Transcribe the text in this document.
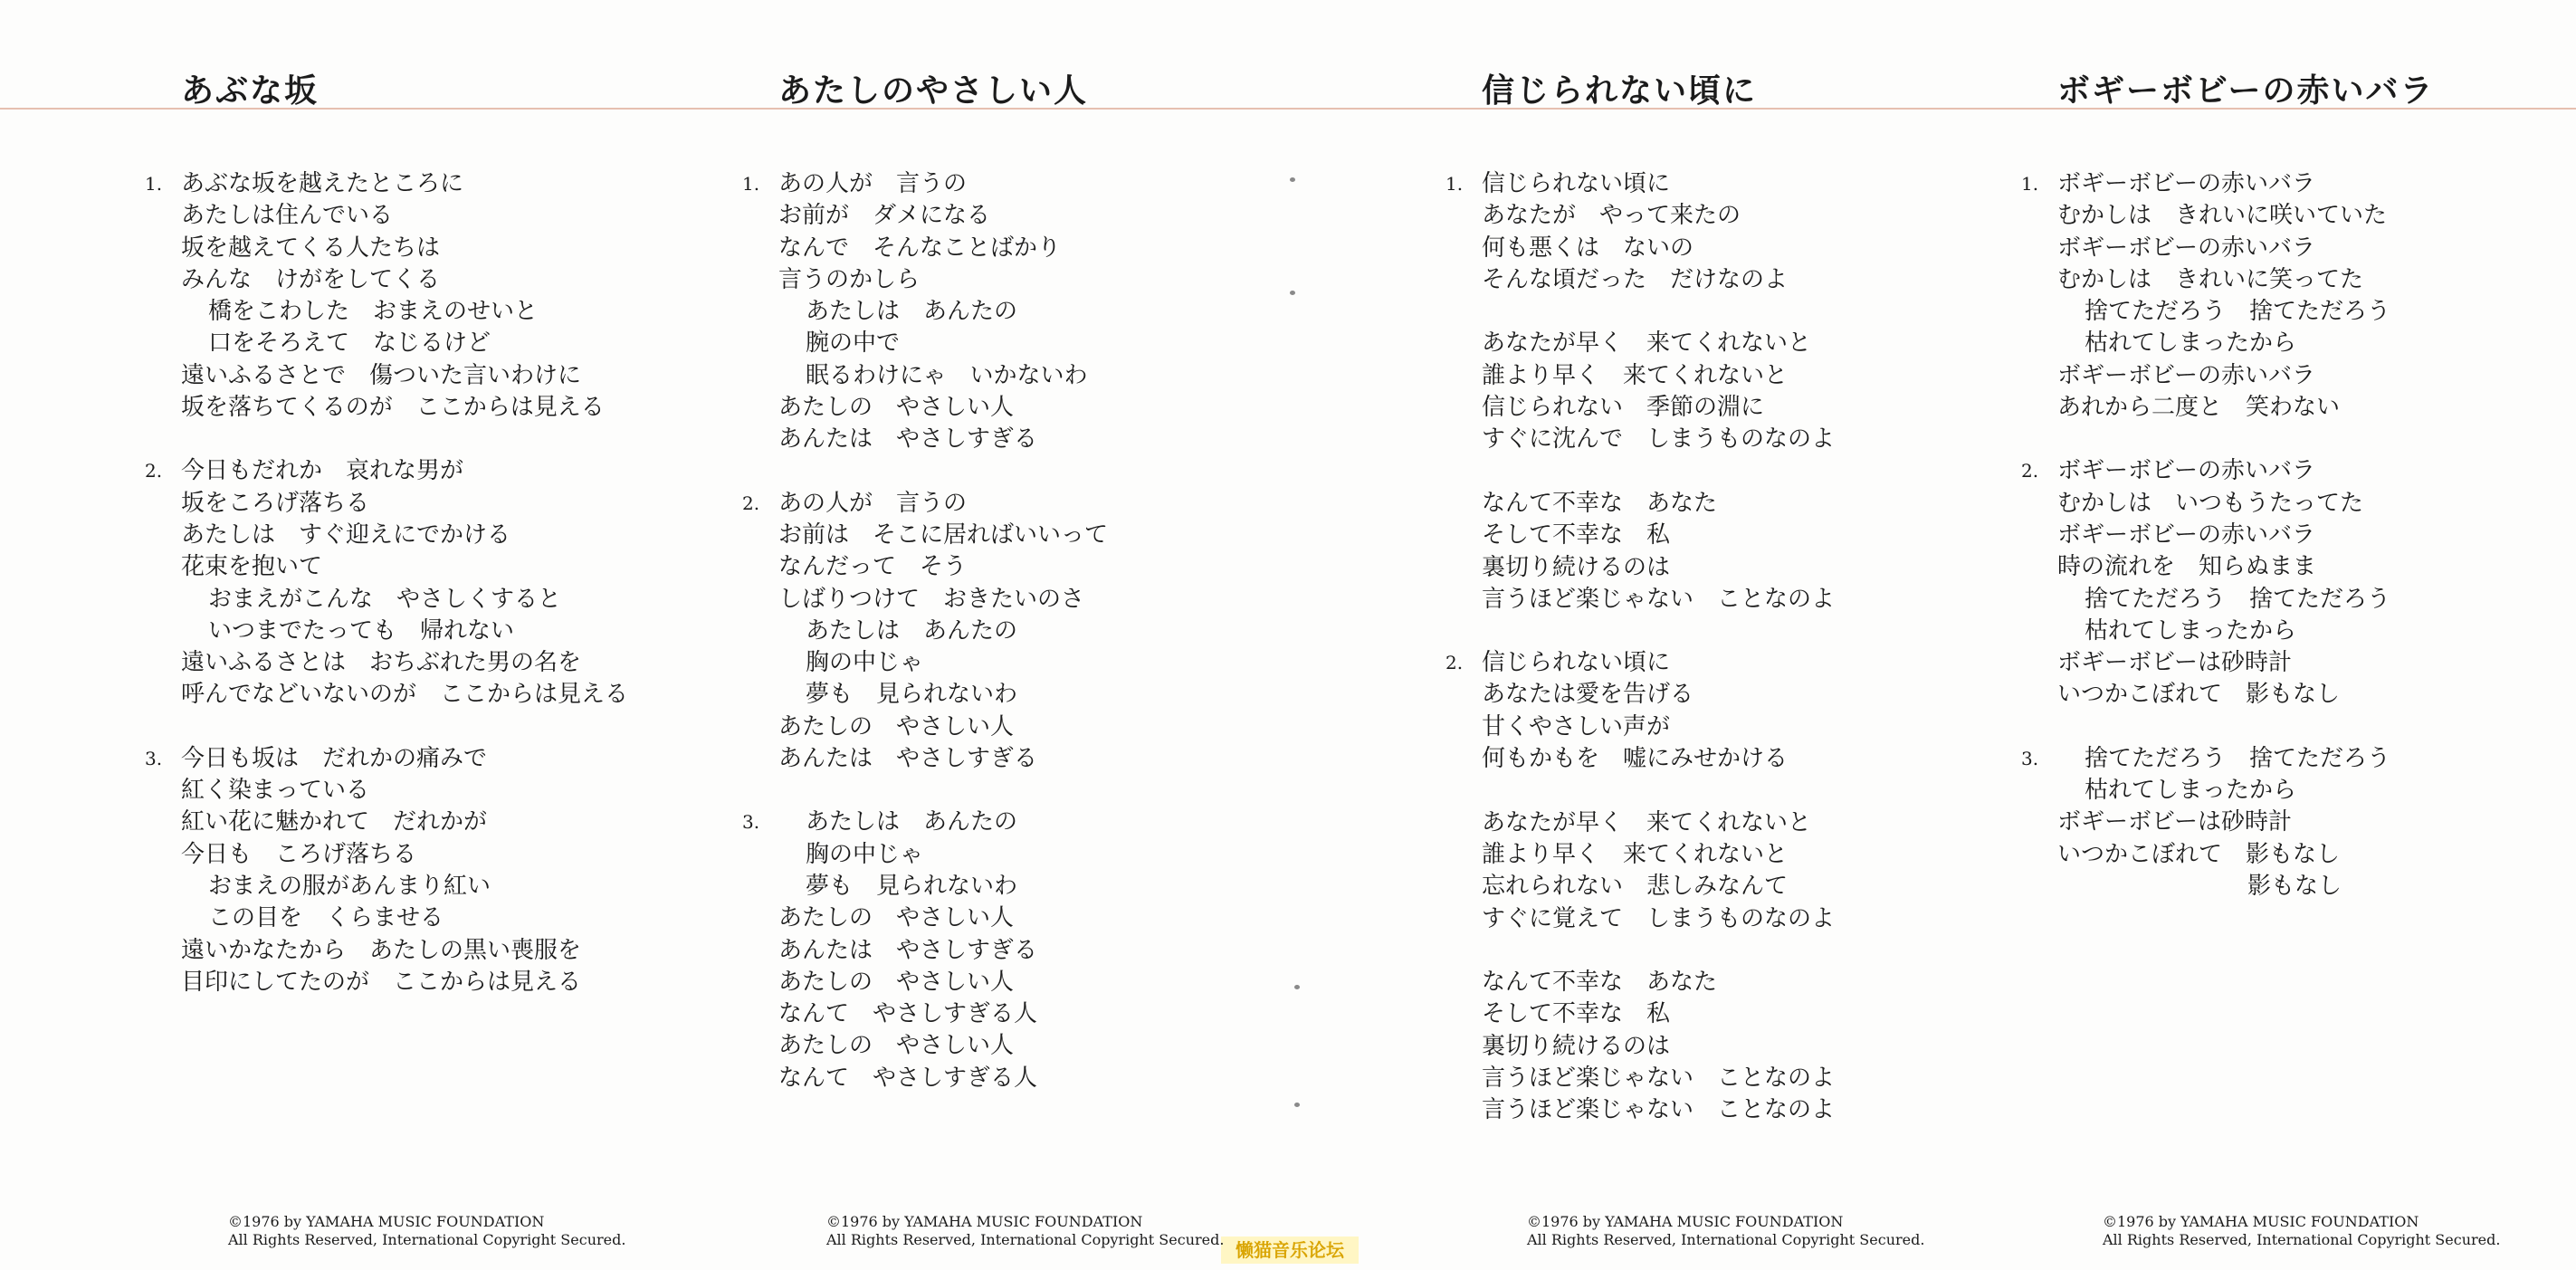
懒猫音乐论坛
あぶな坂
1. あぶな坂を越えたところに
あたしは住んでいる
坂を越えてくる人たちは
みんな　けがをしてくる
橋をこわした　おまえのせいと
口をそろえて　なじるけど
遠いふるさとで　傷ついた言いわけに
坂を落ちてくるのが　ここからは見える
2. 今日もだれか　哀れな男が
坂をころげ落ちる
あたしは　すぐ迎えにでかける
花束を抱いて
おまえがこんな　やさしくすると
いつまでたっても　帰れない
遠いふるさとは　おちぶれた男の名を
呼んでなどいないのが　ここからは見える
3. 今日も坂は　だれかの痛みで
紅く染まっている
紅い花に魅かれて　だれかが
今日も　ころげ落ちる
おまえの服があんまり紅い
この目を　くらませる
遠いかなたから　あたしの黒い喪服を
目印にしてたのが　ここからは見える
©1976 by YAMAHA MUSIC FOUNDATION
All Rights Reserved, International Copyright Secured.
あたしのやさしい人
1. あの人が　言うの
お前が　ダメになる
なんで　そんなことばかり
言うのかしら
あたしは　あんたの
腕の中で
眠るわけにゃ　いかないわ
あたしの　やさしい人
あんたは　やさしすぎる
2. あの人が　言うの
お前は　そこに居ればいいって
なんだって　そう
しばりつけて　おきたいのさ
あたしは　あんたの
胸の中じゃ
夢も　見られないわ
あたしの　やさしい人
あんたは　やさしすぎる
3. あたしは　あんたの
胸の中じゃ
夢も　見られないわ
あたしの　やさしい人
あんたは　やさしすぎる
あたしの　やさしい人
なんて　やさしすぎる人
あたしの　やさしい人
なんて　やさしすぎる人
©1976 by YAMAHA MUSIC FOUNDATION
All Rights Reserved, International Copyright Secured.
信じられない頃に
1. 信じられない頃に
あなたが　やって来たの
何も悪くは　ないの
そんな頃だった　だけなのよ
あなたが早く　来てくれないと
誰より早く　来てくれないと
信じられない　季節の淵に
すぐに沈んで　しまうものなのよ
なんて不幸な　あなた
そして不幸な　私
裏切り続けるのは
言うほど楽じゃない　ことなのよ
2. 信じられない頃に
あなたは愛を告げる
甘くやさしい声が
何もかもを　嘘にみせかける
あなたが早く　来てくれないと
誰より早く　来てくれないと
忘れられない　悲しみなんて
すぐに覚えて　しまうものなのよ
なんて不幸な　あなた
そして不幸な　私
裏切り続けるのは
言うほど楽じゃない　ことなのよ
言うほど楽じゃない　ことなのよ
©1976 by YAMAHA MUSIC FOUNDATION
All Rights Reserved, International Copyright Secured.
ボギーボビーの赤いバラ
1. ボギーボビーの赤いバラ
むかしは　きれいに咲いていた
ボギーボビーの赤いバラ
むかしは　きれいに笑ってた
捨てただろう　捨てただろう
枯れてしまったから
ボギーボビーの赤いバラ
あれから二度と　笑わない
2. ボギーボビーの赤いバラ
むかしは　いつもうたってた
ボギーボビーの赤いバラ
時の流れを　知らぬまま
捨てただろう　捨てただろう
枯れてしまったから
ボギーボビーは砂時計
いつかこぼれて　影もなし
3. 捨てただろう　捨てただろう
枯れてしまったから
ボギーボビーは砂時計
いつかこぼれて　影もなし
影もなし
©1976 by YAMAHA MUSIC FOUNDATION
All Rights Reserved, International Copyright Secured.
